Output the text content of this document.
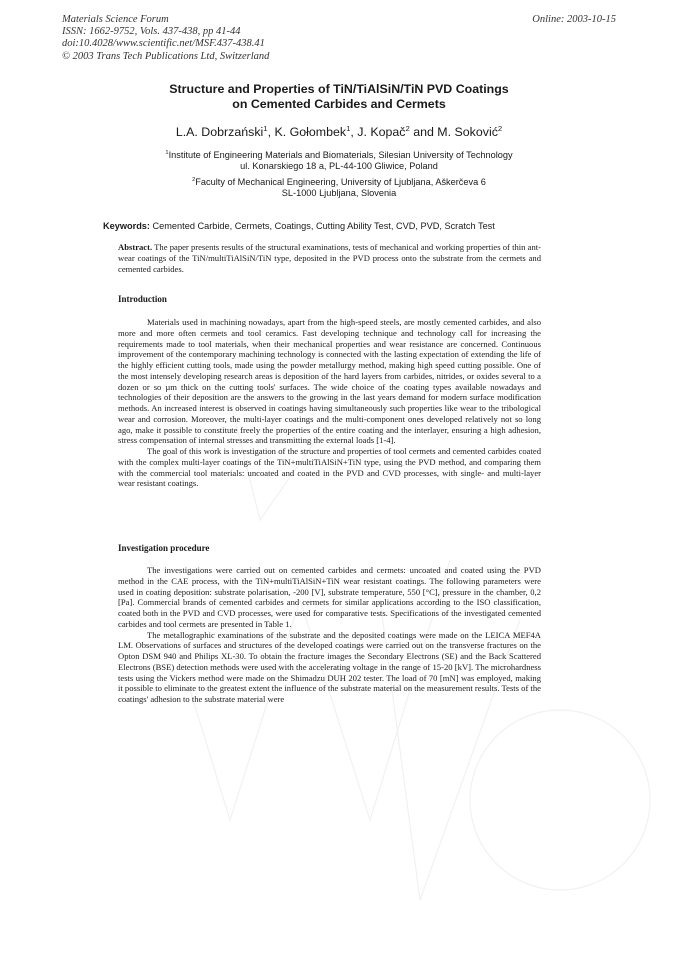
Materials Science Forum
ISSN: 1662-9752, Vols. 437-438, pp 41-44
doi:10.4028/www.scientific.net/MSF.437-438.41
© 2003 Trans Tech Publications Ltd, Switzerland
Online: 2003-10-15
Structure and Properties of TiN/TiAlSiN/TiN PVD Coatings
on Cemented Carbides and Cermets
L.A. Dobrzański$^1$, K. Gołombek$^1$, J. Kopač$^2$ and M. Soković$^2$
$^1$Institute of Engineering Materials and Biomaterials, Silesian University of Technology
ul. Konarskiego 18 a, PL-44-100 Gliwice, Poland
$^2$Faculty of Mechanical Engineering, University of Ljubljana, Aškerčeva 6
SL-1000 Ljubljana, Slovenia
Keywords: Cemented Carbide, Cermets, Coatings, Cutting Ability Test, CVD, PVD, Scratch Test

Abstract. The paper presents results of the structural examinations, tests of mechanical and working properties of thin ant-wear coatings of the TiN/multiTiAlSiN/TiN type, deposited in the PVD process onto the substrate from the cermets and cemented carbides.

Introduction

Materials used in machining nowadays, apart from the high-speed steels, are mostly cemented carbides, and also more and more often cermets and tool ceramics. Fast developing technique and technology call for increasing the requirements made to tool materials, when their mechanical properties and wear resistance are concerned. Continuous improvement of the contemporary machining technology is connected with the lasting expectation of extending the life of the highly efficient cutting tools, made using the powder metallurgy method, making high speed cutting possible. One of the most intensely developing research areas is deposition of the hard layers from carbides, nitrides, or oxides several to a dozen or so µm thick on the cutting tools' surfaces. The wide choice of the coating types available nowadays and technologies of their deposition are the answers to the growing in the last years demand for modern surface modification methods. An increased interest is observed in coatings having simultaneously such properties like wear to the tribological wear and corrosion. Moreover, the multi-layer coatings and the multi-component ones developed relatively not so long ago, make it possible to constitute freely the properties of the entire coating and the interlayer, ensuring a high adhesion, stress compensation of internal stresses and transmitting the external loads [1-4].

The goal of this work is investigation of the structure and properties of tool cermets and cemented carbides coated with the complex multi-layer coatings of the TiN+multiTiAlSiN+TiN type, using the PVD method, and comparing them with the commercial tool materials: uncoated and coated in the PVD and CVD processes, with single- and multi-layer wear resistant coatings.

Investigation procedure

The investigations were carried out on cemented carbides and cermets: uncoated and coated using the PVD method in the CAE process, with the TiN+multiTiAlSiN+TiN wear resistant coatings. The following parameters were used in coating deposition: substrate polarisation, -200 [V], substrate temperature, 550 [°C], pressure in the chamber, 0,2 [Pa]. Commercial brands of cemented carbides and cermets for similar applications according to the ISO classification, coated both in the PVD and CVD processes, were used for comparative tests. Specifications of the investigated cemented carbides and tool cermets are presented in Table 1.

The metallographic examinations of the substrate and the deposited coatings were made on the LEICA MEF4A LM. Observations of surfaces and structures of the developed coatings were carried out on the transverse fractures on the Opton DSM 940 and Philips XL-30. To obtain the fracture images the Secondary Electrons (SE) and the Back Scattered Electrons (BSE) detection methods were used with the accelerating voltage in the range of 15-20 [kV]. The microhardness tests using the Vickers method were made on the Shimadzu DUH 202 tester. The load of 70 [mN] was employed, making it possible to eliminate to the greatest extent the influence of the substrate material on the measurement results. Tests of the coatings' adhesion to the substrate material were
